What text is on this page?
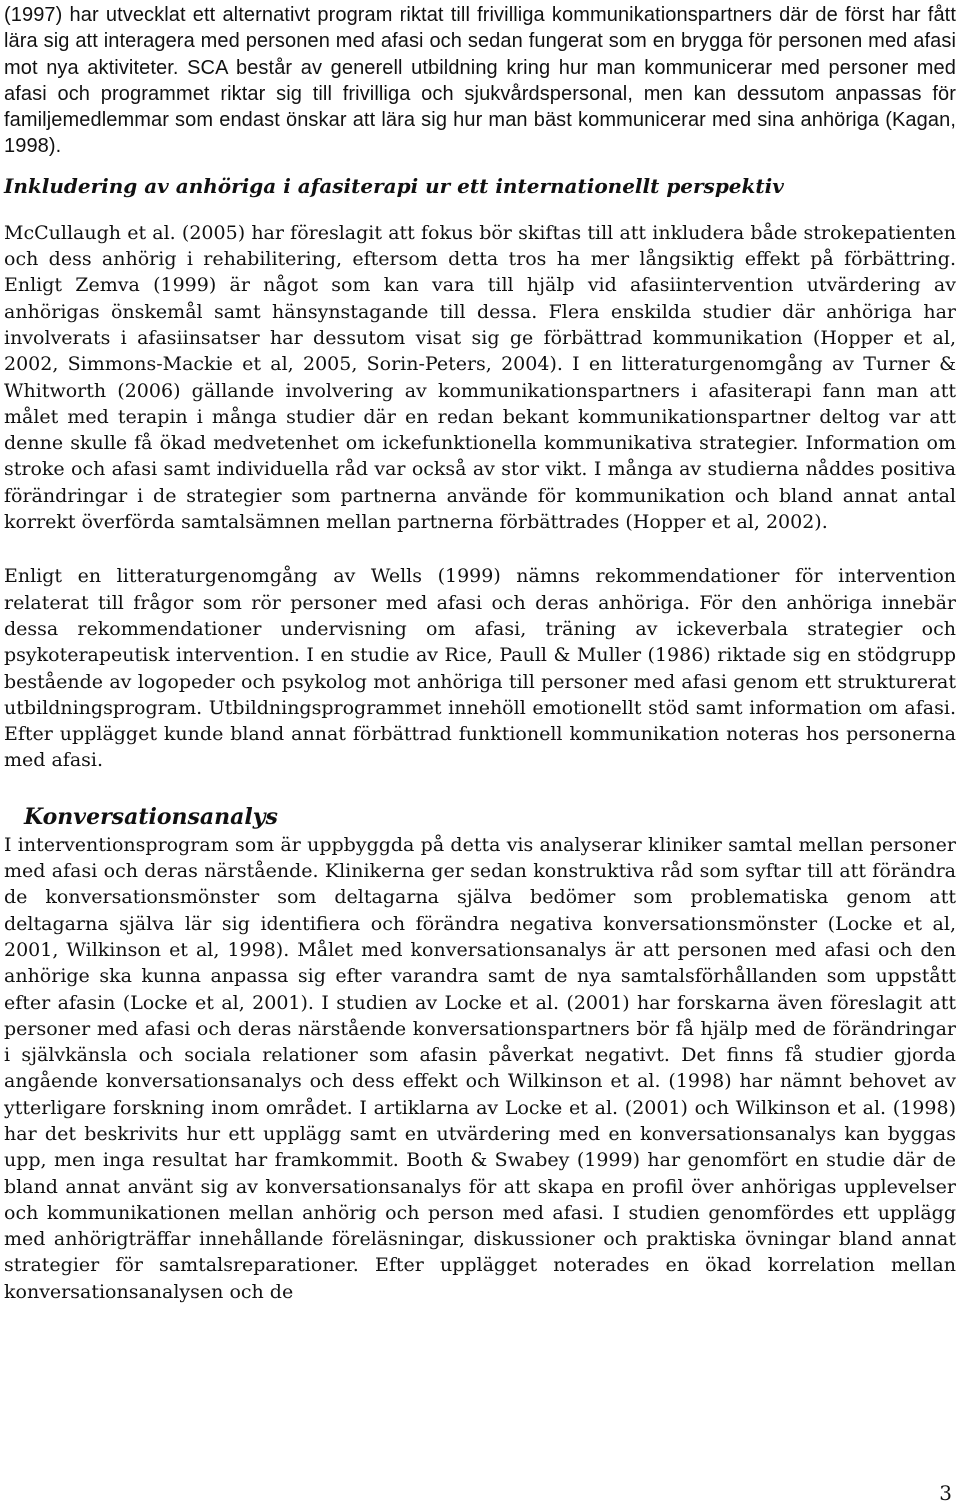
(1997) har utvecklat ett alternativt program riktat till frivilliga kommunikationspartners där de först har fått lära sig att interagera med personen med afasi och sedan fungerat som en brygga för personen med afasi mot nya aktiviteter. SCA består av generell utbildning kring hur man kommunicerar med personer med afasi och programmet riktar sig till frivilliga och sjukvårdspersonal, men kan dessutom anpassas för familjemedlemmar som endast önskar att lära sig hur man bäst kommunicerar med sina anhöriga (Kagan, 1998).

Inkludering av anhöriga i afasiterapi ur ett internationellt perspektiv

McCullaugh et al. (2005) har föreslagit att fokus bör skiftas till att inkludera både strokepatienten och dess anhörig i rehabilitering, eftersom detta tros ha mer långsiktig effekt på förbättring. Enligt Zemva (1999) är något som kan vara till hjälp vid afasiintervention utvärdering av anhörigas önskemål samt hänsynstagande till dessa. Flera enskilda studier där anhöriga har involverats i afasiinsatser har dessutom visat sig ge förbättrad kommunikation (Hopper et al, 2002, Simmons-Mackie et al, 2005, Sorin-Peters, 2004). I en litteraturgenomgång av Turner & Whitworth (2006) gällande involvering av kommunikationspartners i afasiterapi fann man att målet med terapin i många studier där en redan bekant kommunikationspartner deltog var att denne skulle få ökad medvetenhet om ickefunktionella kommunikativa strategier. Information om stroke och afasi samt individuella råd var också av stor vikt. I många av studierna nåddes positiva förändringar i de strategier som partnerna använde för kommunikation och bland annat antal korrekt överförda samtalsämnen mellan partnerna förbättrades (Hopper et al, 2002).

Enligt en litteraturgenomgång av Wells (1999) nämns rekommendationer för intervention relaterat till frågor som rör personer med afasi och deras anhöriga. För den anhöriga innebär dessa rekommendationer undervisning om afasi, träning av ickeverbala strategier och psykoterapeutisk intervention. I en studie av Rice, Paull & Muller (1986) riktade sig en stödgrupp bestående av logopeder och psykolog mot anhöriga till personer med afasi genom ett strukturerat utbildningsprogram. Utbildningsprogrammet innehöll emotionellt stöd samt information om afasi. Efter upplägget kunde bland annat förbättrad funktionell kommunikation noteras hos personerna med afasi.

Konversationsanalys

I interventionsprogram som är uppbyggda på detta vis analyserar kliniker samtal mellan personer med afasi och deras närstående. Klinikerna ger sedan konstruktiva råd som syftar till att förändra de konversationsmönster som deltagarna själva bedömer som problematiska genom att deltagarna själva lär sig identifiera och förändra negativa konversationsmönster (Locke et al, 2001, Wilkinson et al, 1998). Målet med konversationsanalys är att personen med afasi och den anhörige ska kunna anpassa sig efter varandra samt de nya samtalsförhållanden som uppstått efter afasin (Locke et al, 2001). I studien av Locke et al. (2001) har forskarna även föreslagit att personer med afasi och deras närstående konversationspartners bör få hjälp med de förändringar i självkänsla och sociala relationer som afasin påverkat negativt. Det finns få studier gjorda angående konversationsanalys och dess effekt och Wilkinson et al. (1998) har nämnt behovet av ytterligare forskning inom området. I artiklarna av Locke et al. (2001) och Wilkinson et al. (1998) har det beskrivits hur ett upplägg samt en utvärdering med en konversationsanalys kan byggas upp, men inga resultat har framkommit. Booth & Swabey (1999) har genomfört en studie där de bland annat använt sig av konversationsanalys för att skapa en profil över anhörigas upplevelser och kommunikationen mellan anhörig och person med afasi. I studien genomfördes ett upplägg med anhörigträffar innehållande föreläsningar, diskussioner och praktiska övningar bland annat strategier för samtalsreparationer. Efter upplägget noterades en ökad korrelation mellan konversationsanalysen och de

3
